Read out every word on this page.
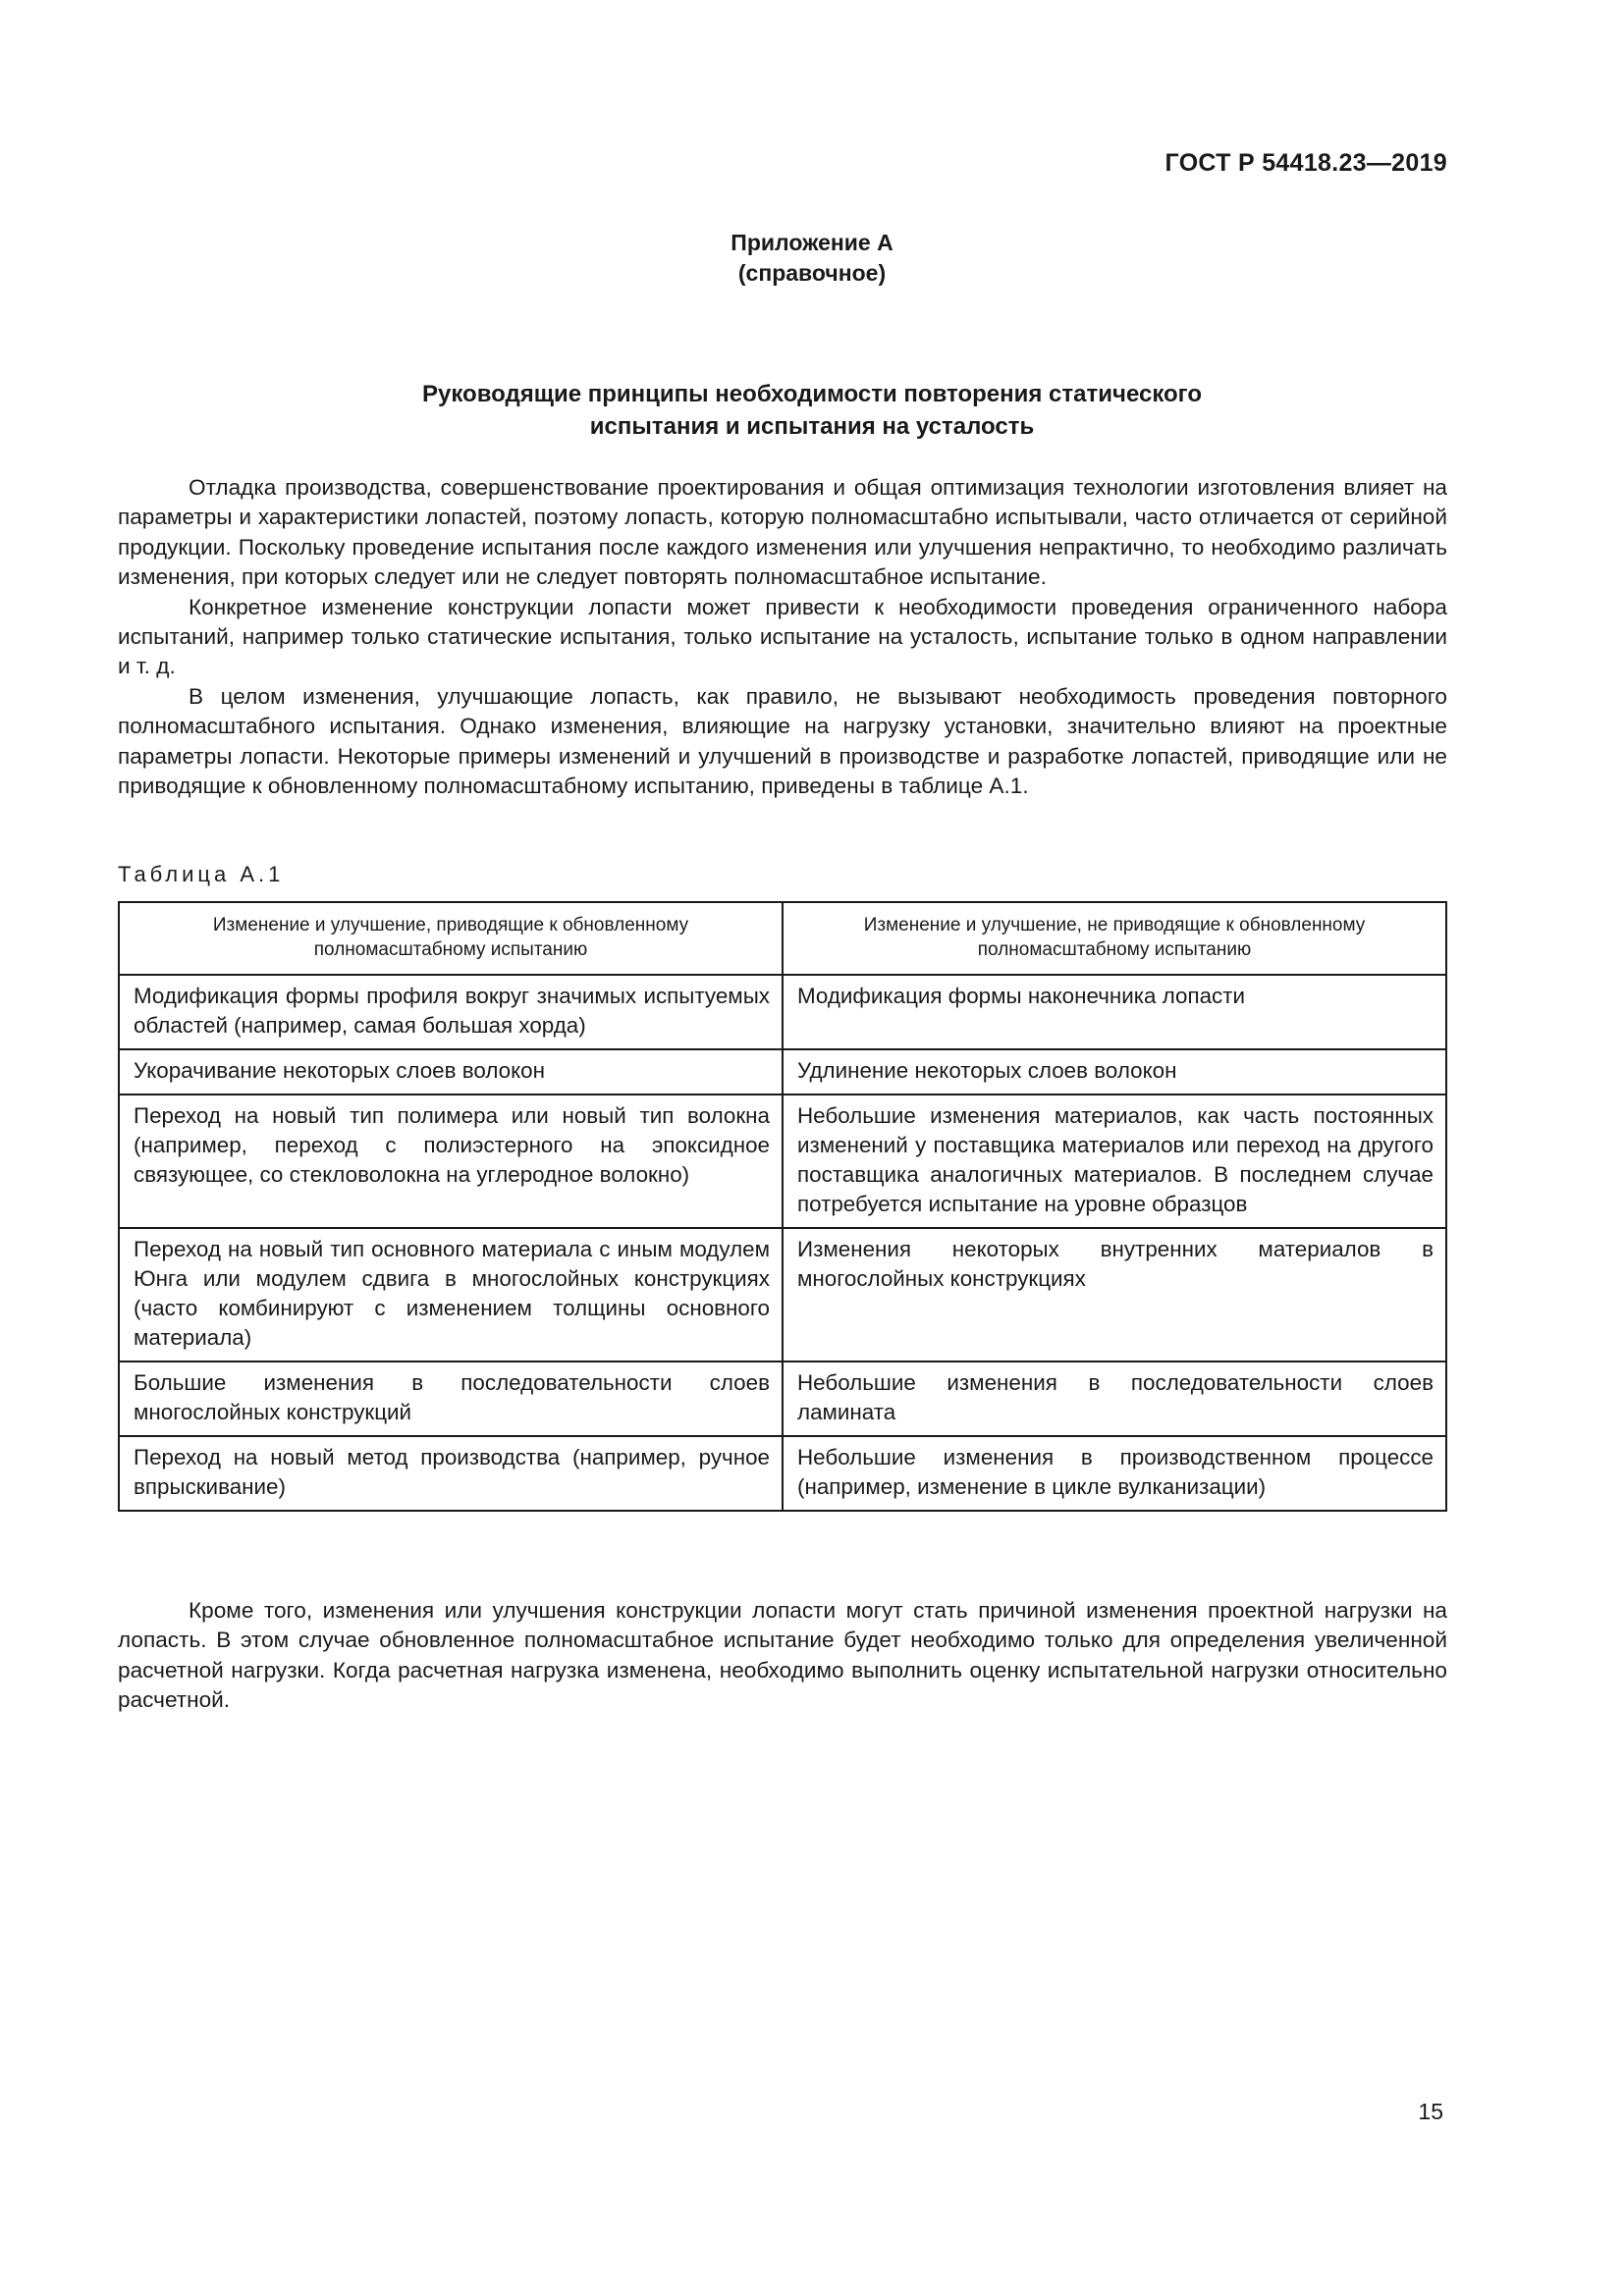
ГОСТ Р 54418.23—2019
Приложение А
(справочное)
Руководящие принципы необходимости повторения статического
испытания и испытания на усталость

Отладка производства, совершенствование проектирования и общая оптимизация технологии изготовления влияет на параметры и характеристики лопастей, поэтому лопасть, которую полномасштабно испытывали, часто отличается от серийной продукции. Поскольку проведение испытания после каждого изменения или улучшения непрактично, то необходимо различать изменения, при которых следует или не следует повторять полномасштабное испытание.

Конкретное изменение конструкции лопасти может привести к необходимости проведения ограниченного набора испытаний, например только статические испытания, только испытание на усталость, испытание только в одном направлении и т. д.

В целом изменения, улучшающие лопасть, как правило, не вызывают необходимость проведения повторного полномасштабного испытания. Однако изменения, влияющие на нагрузку установки, значительно влияют на проектные параметры лопасти. Некоторые примеры изменений и улучшений в производстве и разработке лопастей, приводящие или не приводящие к обновленному полномасштабному испытанию, приведены в таблице А.1.

Таблица А.1
Изменение и улучшение, приводящие к обновленному полномасштабному испытанию	Изменение и улучшение, не приводящие к обновленному полномасштабному испытанию
Модификация формы профиля вокруг значимых испытуемых областей (например, самая большая хорда)	Модификация формы наконечника лопасти
Укорачивание некоторых слоев волокон	Удлинение некоторых слоев волокон
Переход на новый тип полимера или новый тип волокна (например, переход с полиэстерного на эпоксидное связующее, со стекловолокна на углеродное волокно)	Небольшие изменения материалов, как часть постоянных изменений у поставщика материалов или переход на другого поставщика аналогичных материалов. В последнем случае потребуется испытание на уровне образцов
Переход на новый тип основного материала с иным модулем Юнга или модулем сдвига в многослойных конструкциях (часто комбинируют с изменением толщины основного материала)	Изменения некоторых внутренних материалов в многослойных конструкциях
Большие изменения в последовательности слоев многослойных конструкций	Небольшие изменения в последовательности слоев ламината
Переход на новый метод производства (например, ручное впрыскивание)	Небольшие изменения в производственном процессе (например, изменение в цикле вулканизации)

Кроме того, изменения или улучшения конструкции лопасти могут стать причиной изменения проектной нагрузки на лопасть. В этом случае обновленное полномасштабное испытание будет необходимо только для определения увеличенной расчетной нагрузки. Когда расчетная нагрузка изменена, необходимо выполнить оценку испытательной нагрузки относительно расчетной.

15
